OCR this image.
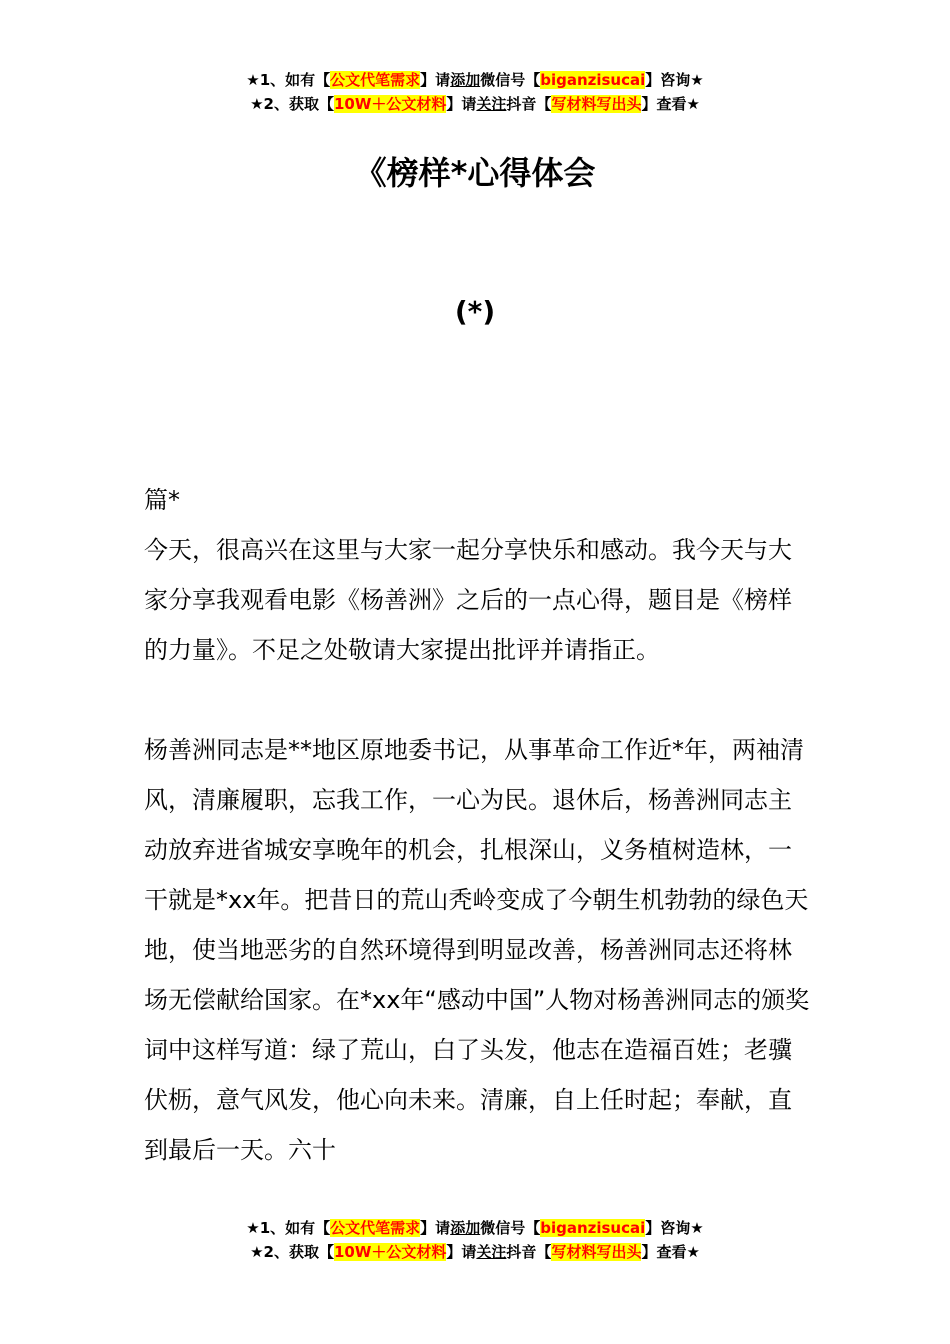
★1、如有【公文代笔需求】请添加微信号【biganzisucai】咨询★
★2、获取【10W＋公文材料】请关注抖音【写材料写出头】查看★
《榜样*心得体会
(*)

篇*

今天，很高兴在这里与大家一起分享快乐和感动。我今天与大家分享我观看电影《杨善洲》之后的一点心得，题目是《榜样的力量》。不足之处敬请大家提出批评并请指正。

杨善洲同志是**地区原地委书记，从事革命工作近*年，两袖清风，清廉履职，忘我工作，一心为民。退休后，杨善洲同志主动放弃进省城安享晚年的机会，扎根深山，义务植树造林，一干就是*xx年。把昔日的荒山秃岭变成了今朝生机勃勃的绿色天地，使当地恶劣的自然环境得到明显改善，杨善洲同志还将林场无偿献给国家。在*xx年“感动中国”人物对杨善洲同志的颁奖词中这样写道：绿了荒山，白了头发，他志在造福百姓；老骥伏枥，意气风发，他心向未来。清廉，自上任时起；奉献，直到最后一天。六十

★1、如有【公文代笔需求】请添加微信号【biganzisucai】咨询★
★2、获取【10W＋公文材料】请关注抖音【写材料写出头】查看★
